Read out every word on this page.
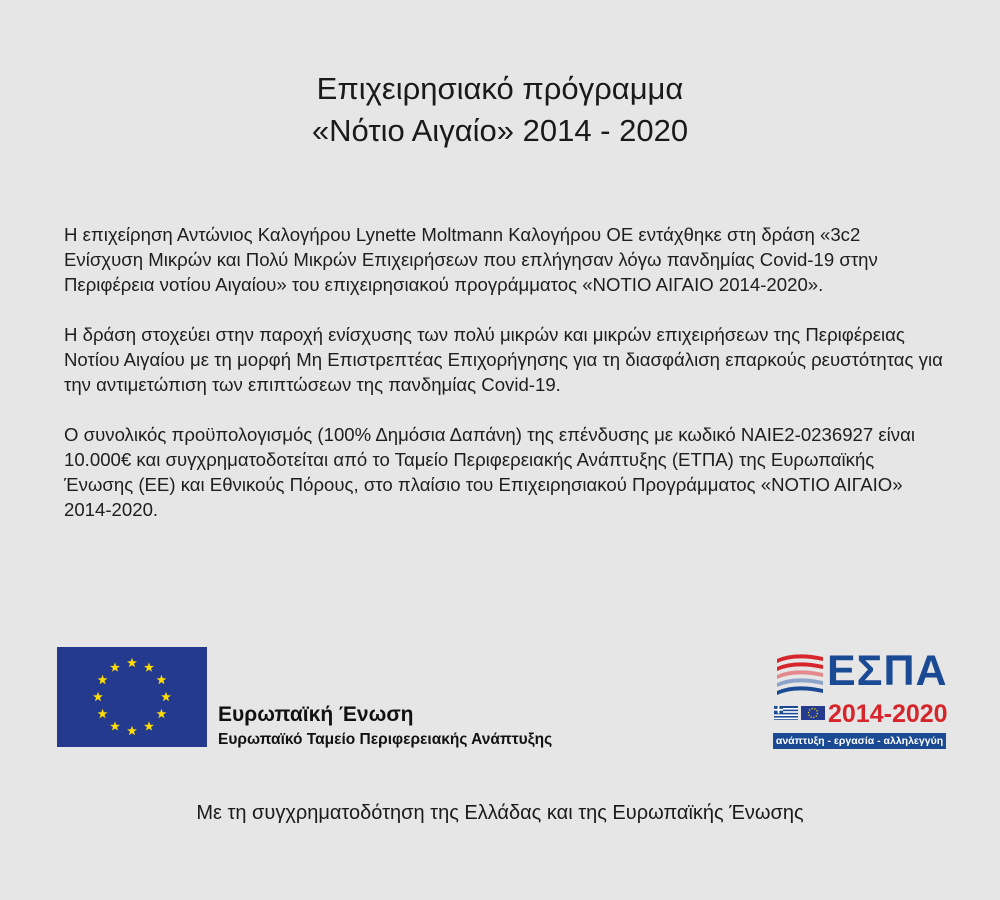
Επιχειρησιακό πρόγραμμα
«Νότιο Αιγαίο» 2014 - 2020

Η επιχείρηση Αντώνιος Καλογήρου Lynette Moltmann Καλογήρου ΟΕ εντάχθηκε στη δράση «3c2 Ενίσχυση Μικρών και Πολύ Μικρών Επιχειρήσεων που επλήγησαν λόγω πανδημίας Covid-19 στην Περιφέρεια νοτίου Αιγαίου» του επιχειρησιακού προγράμματος «ΝΟΤΙΟ ΑΙΓΑΙΟ 2014-2020».

Η δράση στοχεύει στην παροχή ενίσχυσης των πολύ μικρών και μικρών επιχειρήσεων της Περιφέρειας Νοτίου Αιγαίου με τη μορφή Μη Επιστρεπτέας Επιχορήγησης για τη διασφάλιση επαρκούς ρευστότητας για την αντιμετώπιση των επιπτώσεων της πανδημίας Covid-19.

Ο συνολικός προϋπολογισμός (100% Δημόσια Δαπάνη) της επένδυσης με κωδικό ΝΑΙΕ2-0236927 είναι 10.000€ και συγχρηματοδοτείται από το Ταμείο Περιφερειακής Ανάπτυξης (ΕΤΠΑ) της Ευρωπαϊκής Ένωσης (ΕΕ) και Εθνικούς Πόρους, στο πλαίσιο του Επιχειρησιακού Προγράμματος «ΝΟΤΙΟ ΑΙΓΑΙΟ» 2014-2020.

Ευρωπαϊκή Ένωση
Ευρωπαϊκό Ταμείο Περιφερειακής Ανάπτυξης
ΕΣΠΑ
2014-2020
ανάπτυξη - εργασία - αλληλεγγύη
Με τη συγχρηματοδότηση της Ελλάδας και της Ευρωπαϊκής Ένωσης
